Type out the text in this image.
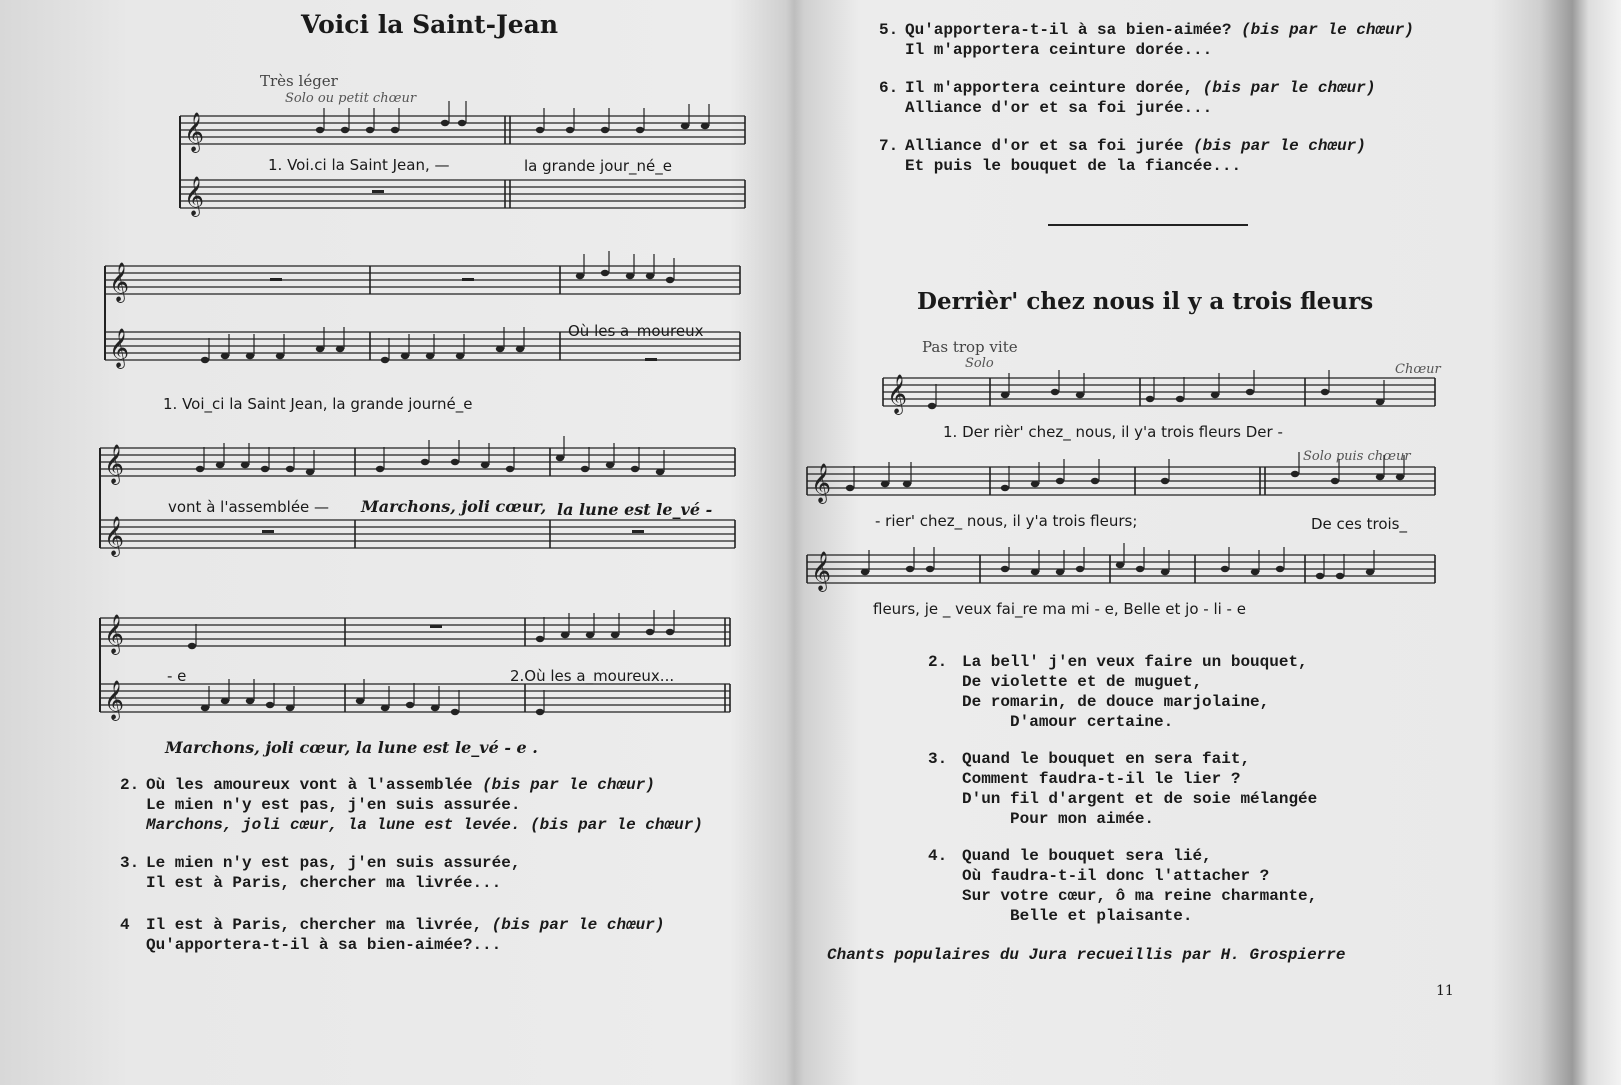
Voici la Saint-Jean
Très léger
Solo ou petit chœur
𝄞
𝄞
𝄞
𝄞
𝄞
𝄞
𝄞
𝄞
1. Voi.ci la Saint Jean, —	la grande jour_né_e
Où les a_moureux
1. Voi_ci la Saint Jean, la grande journé_e
vont à l'assemblée — Marchons, joli cœur, la lune est le_vé -
- e	2.Où les a_moureux...
Marchons, joli cœur, la lune est le_vé - e .
2. Où les amoureux vont à l'assemblée (bis par le chœur)
Le mien n'y est pas, j'en suis assurée.
Marchons, joli cœur, la lune est levée. (bis par le chœur)
3. Le mien n'y est pas, j'en suis assurée,
Il est à Paris, chercher ma livrée...
4 Il est à Paris, chercher ma livrée, (bis par le chœur)
Qu'apportera-t-il à sa bien-aimée?...
5. Qu'apportera-t-il à sa bien-aimée? (bis par le chœur)
Il m'apportera ceinture dorée...
6. Il m'apportera ceinture dorée, (bis par le chœur)
Alliance d'or et sa foi jurée...
7. Alliance d'or et sa foi jurée (bis par le chœur)
Et puis le bouquet de la fiancée...
Derrièr' chez nous il y a trois fleurs
Pas trop vite
Solo	Chœur
Solo puis chœur
𝄞
𝄞
𝄞
1. Der rièr' chez_ nous, il y'a trois fleurs Der -
- rier' chez_ nous, il y'a trois fleurs;	De ces trois_
fleurs, je _ veux fai_re ma mi - e, Belle et jo - li - e
2. La bell' j'en veux faire un bouquet,
De violette et de muguet,
De romarin, de douce marjolaine,
D'amour certaine.
3. Quand le bouquet en sera fait,
Comment faudra-t-il le lier ?
D'un fil d'argent et de soie mélangée
Pour mon aimée.
4. Quand le bouquet sera lié,
Où faudra-t-il donc l'attacher ?
Sur votre cœur, ô ma reine charmante,
Belle et plaisante.
Chants populaires du Jura recueillis par H. Grospierre
11
